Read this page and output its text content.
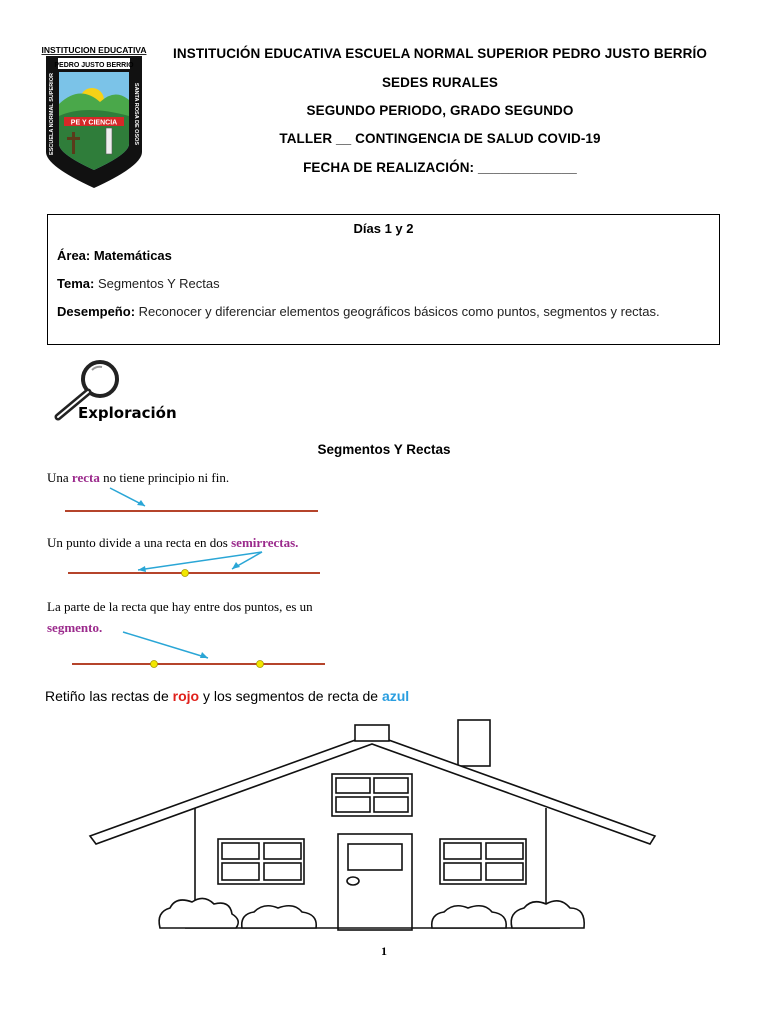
INSTITUCION EDUCATIVA
PEDRO JUSTO BERRIO
PE Y CIENCIA
ESCUELA NORMAL SUPERIOR	SANTA ROSA DE OSOS
INSTITUCIÓN EDUCATIVA ESCUELA NORMAL SUPERIOR PEDRO JUSTO BERRÍO
SEDES RURALES
SEGUNDO PERIODO, GRADO SEGUNDO
TALLER __ CONTINGENCIA DE SALUD COVID-19
FECHA DE REALIZACIÓN: _____________
Días 1 y 2
Área: Matemáticas
Tema: Segmentos Y Rectas
Desempeño: Reconocer y diferenciar elementos geográficos básicos como puntos, segmentos y rectas.
Exploración
Segmentos Y Rectas
Una recta no tiene principio ni fin.
Un punto divide a una recta en dos semirrectas.
La parte de la recta que hay entre dos puntos, es un
segmento.
Retiño las rectas de rojo y los segmentos de recta de azul
1
